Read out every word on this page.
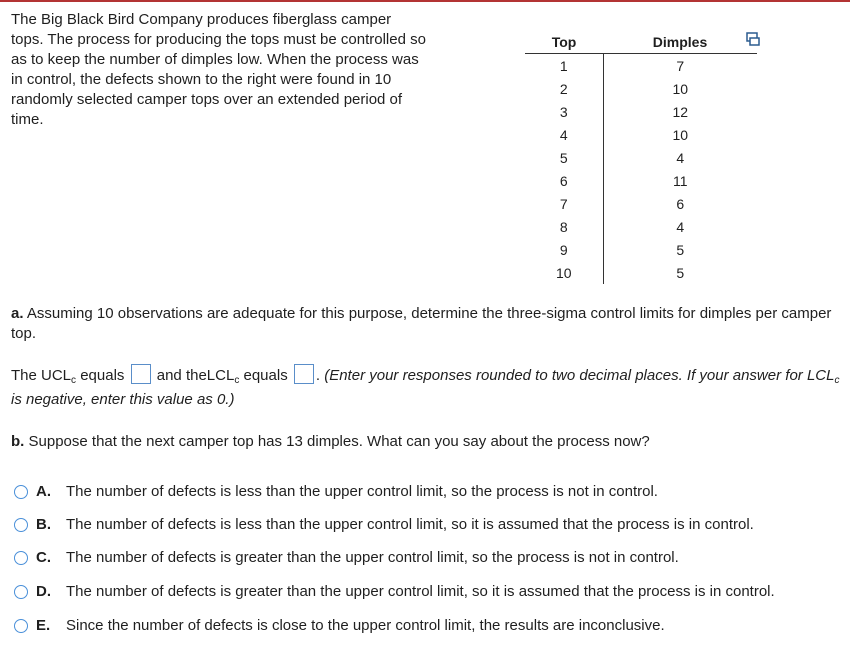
The Big Black Bird Company produces fiberglass camper tops. The process for producing the tops must be controlled so as to keep the number of dimples low. When the process was in control, the defects shown to the right were found in 10 randomly selected camper tops over an extended period of time.

Top	Dimples
1	7
2	10
3	12
4	10
5	4
6	11
7	6
8	4
9	5
10	5
a. Assuming 10 observations are adequate for this purpose, determine the three-sigma control limits for dimples per camper top.
The $UCL_c$ equals  and theLCL$_c$ equals . (Enter your responses rounded to two decimal places. If your answer for $LCL_c$ is negative, enter this value as 0.)
b. Suppose that the next camper top has 13 dimples. What can you say about the process now?
A. The number of defects is less than the upper control limit, so the process is not in control.
B. The number of defects is less than the upper control limit, so it is assumed that the process is in control.
C. The number of defects is greater than the upper control limit, so the process is not in control.
D. The number of defects is greater than the upper control limit, so it is assumed that the process is in control.
E. Since the number of defects is close to the upper control limit, the results are inconclusive.
